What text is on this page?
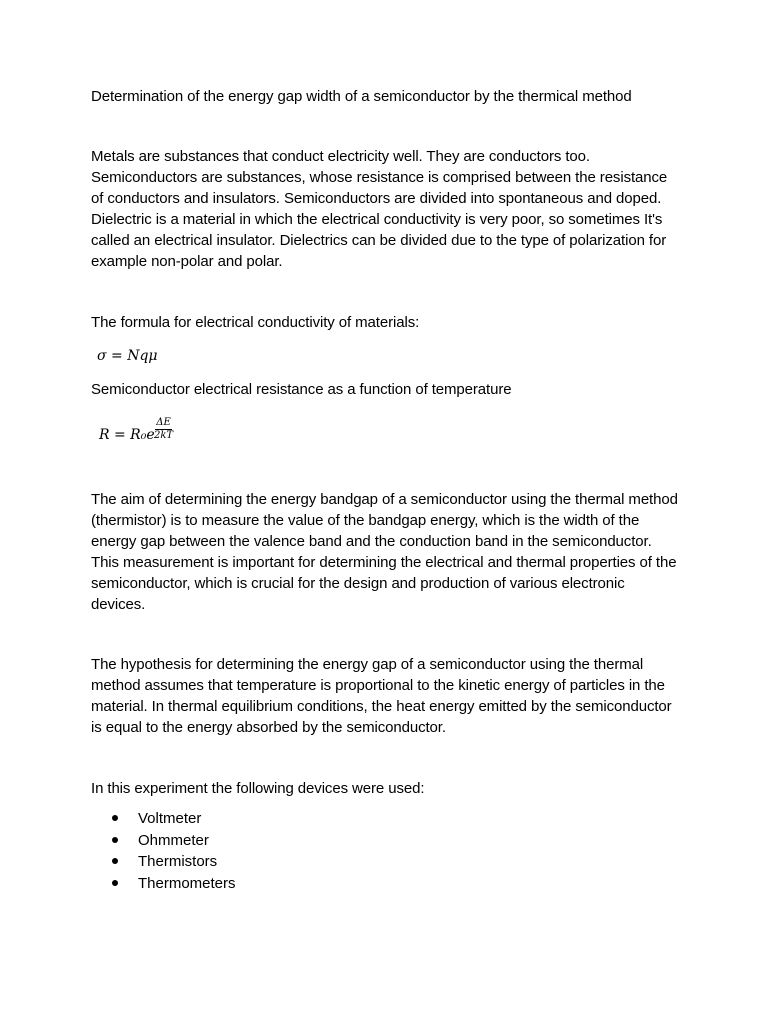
Determination of the energy gap width of a semiconductor by the thermical method
Metals are substances that conduct electricity well. They are conductors too. Semiconductors are substances, whose resistance is comprised between the resistance of conductors and insulators. Semiconductors are divided into spontaneous and doped. Dielectric is a material in which the electrical conductivity is very poor, so sometimes It's called an electrical insulator. Dielectrics can be divided due to the type of polarization for example non-polar and polar.
The formula for electrical conductivity of materials:
σ = Nqμ
Semiconductor electrical resistance as a function of temperature
$R = R_0e \frac{\Delta E}{2kT}$
The aim of determining the energy bandgap of a semiconductor using the thermal method (thermistor) is to measure the value of the bandgap energy, which is the width of the energy gap between the valence band and the conduction band in the semiconductor. This measurement is important for determining the electrical and thermal properties of the semiconductor, which is crucial for the design and production of various electronic devices.
The hypothesis for determining the energy gap of a semiconductor using the thermal method assumes that temperature is proportional to the kinetic energy of particles in the material. In thermal equilibrium conditions, the heat energy emitted by the semiconductor is equal to the energy absorbed by the semiconductor.
In this experiment the following devices were used:
Voltmeter
Ohmmeter
Thermistors
Thermometers
